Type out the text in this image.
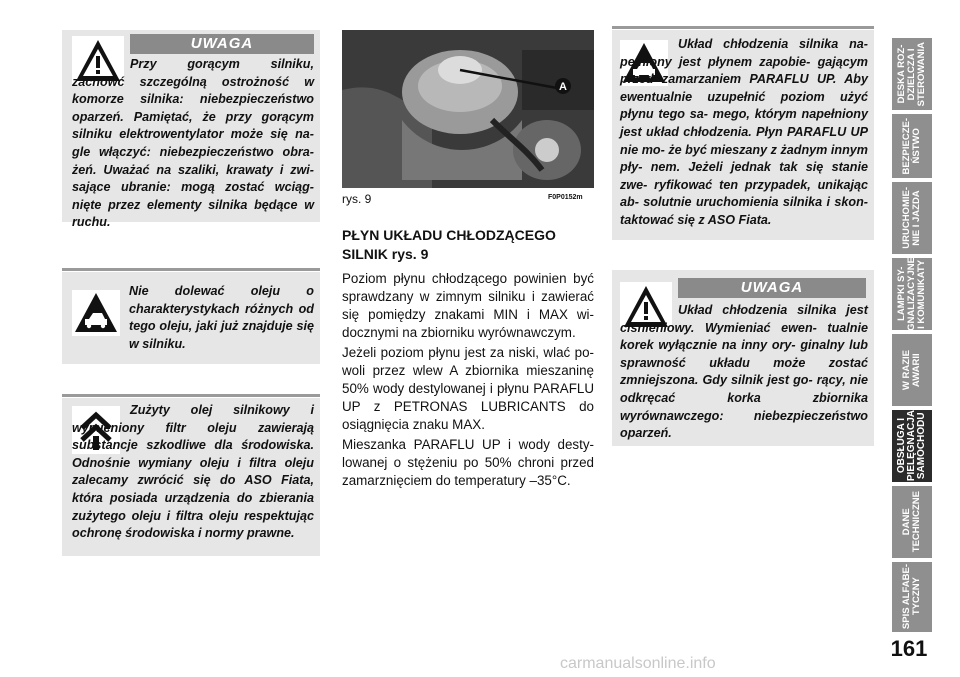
UWAGA
Przy gorącym silniku, zachowć szczególną ostrożność w komorze silnika: niebezpieczeństwo oparzeń. Pamiętać, że przy gorącym silniku elektrowentylator może się na- gle włączyć: niebezpieczeństwo obra- żeń. Uważać na szaliki, krawaty i zwi- sające ubranie: mogą zostać wciąg- nięte przez elementy silnika będące w ruchu.
Nie dolewać oleju o charakterystykach różnych od tego oleju, jaki już znajduje się w silniku.
Zużyty olej silnikowy i wymieniony filtr oleju zawierają substancje szkodliwe dla środowiska. Odnośnie wymiany oleju i filtra oleju zalecamy zwrócić się do ASO Fiata, która posiada urządzenia do zbierania zużytego oleju i filtra oleju respektując ochronę środowiska i normy prawne.
A
rys. 9	F0P0152m
PŁYN UKŁADU CHŁODZĄCEGO SILNIK rys. 9

Poziom płynu chłodzącego powinien być sprawdzany w zimnym silniku i zawierać się pomiędzy znakami MIN i MAX wi- docznymi na zbiorniku wyrównawczym.

Jeżeli poziom płynu jest za niski, wlać po- woli przez wlew A zbiornika mieszaninę 50% wody destylowanej i płynu PARAFLU UP z PETRONAS LUBRICANTS do osiągnięcia znaku MAX.

Mieszanka PARAFLU UP i wody desty- lowanej o stężeniu po 50% chroni przed zamarznięciem do temperatury –35°C.

Układ chłodzenia silnika na- pełniony jest płynem zapobie- gającym przed zamarzaniem PARAFLU UP. Aby ewentualnie uzupełnić poziom użyć płynu tego sa- mego, którym napełniony jest układ chłodzenia. Płyn PARAFLU UP nie mo- że być mieszany z żadnym innym pły- nem. Jeżeli jednak tak się stanie zwe- ryfikować ten przypadek, unikając ab- solutnie uruchomienia silnika i skon- taktować się z ASO Fiata.
UWAGA
Układ chłodzenia silnika jest ciśnieniowy. Wymieniać ewen- tualnie korek wyłącznie na inny ory- ginalny lub sprawność układu może zostać zmniejszona. Gdy silnik jest go- rący, nie odkręcać korka zbiornika wyrównawczego: niebezpieczeństwo oparzeń.
DESKA ROZ-
DZIELCZA I
STEROWANIA
BEZPIECZE-
ŃSTWO
URUCHOMIE-
NIE I JAZDA
LAMPKI SY-
GNALIZACYJNE
I KOMUNIKATY
W RAZIE
AWARII
OBSŁUGA I
PIELĘGNACJA
SAMOCHODU
DANE
TECHNICZNE
SPIS ALFABE-
TYCZNY
161
carmanualsonline.info
